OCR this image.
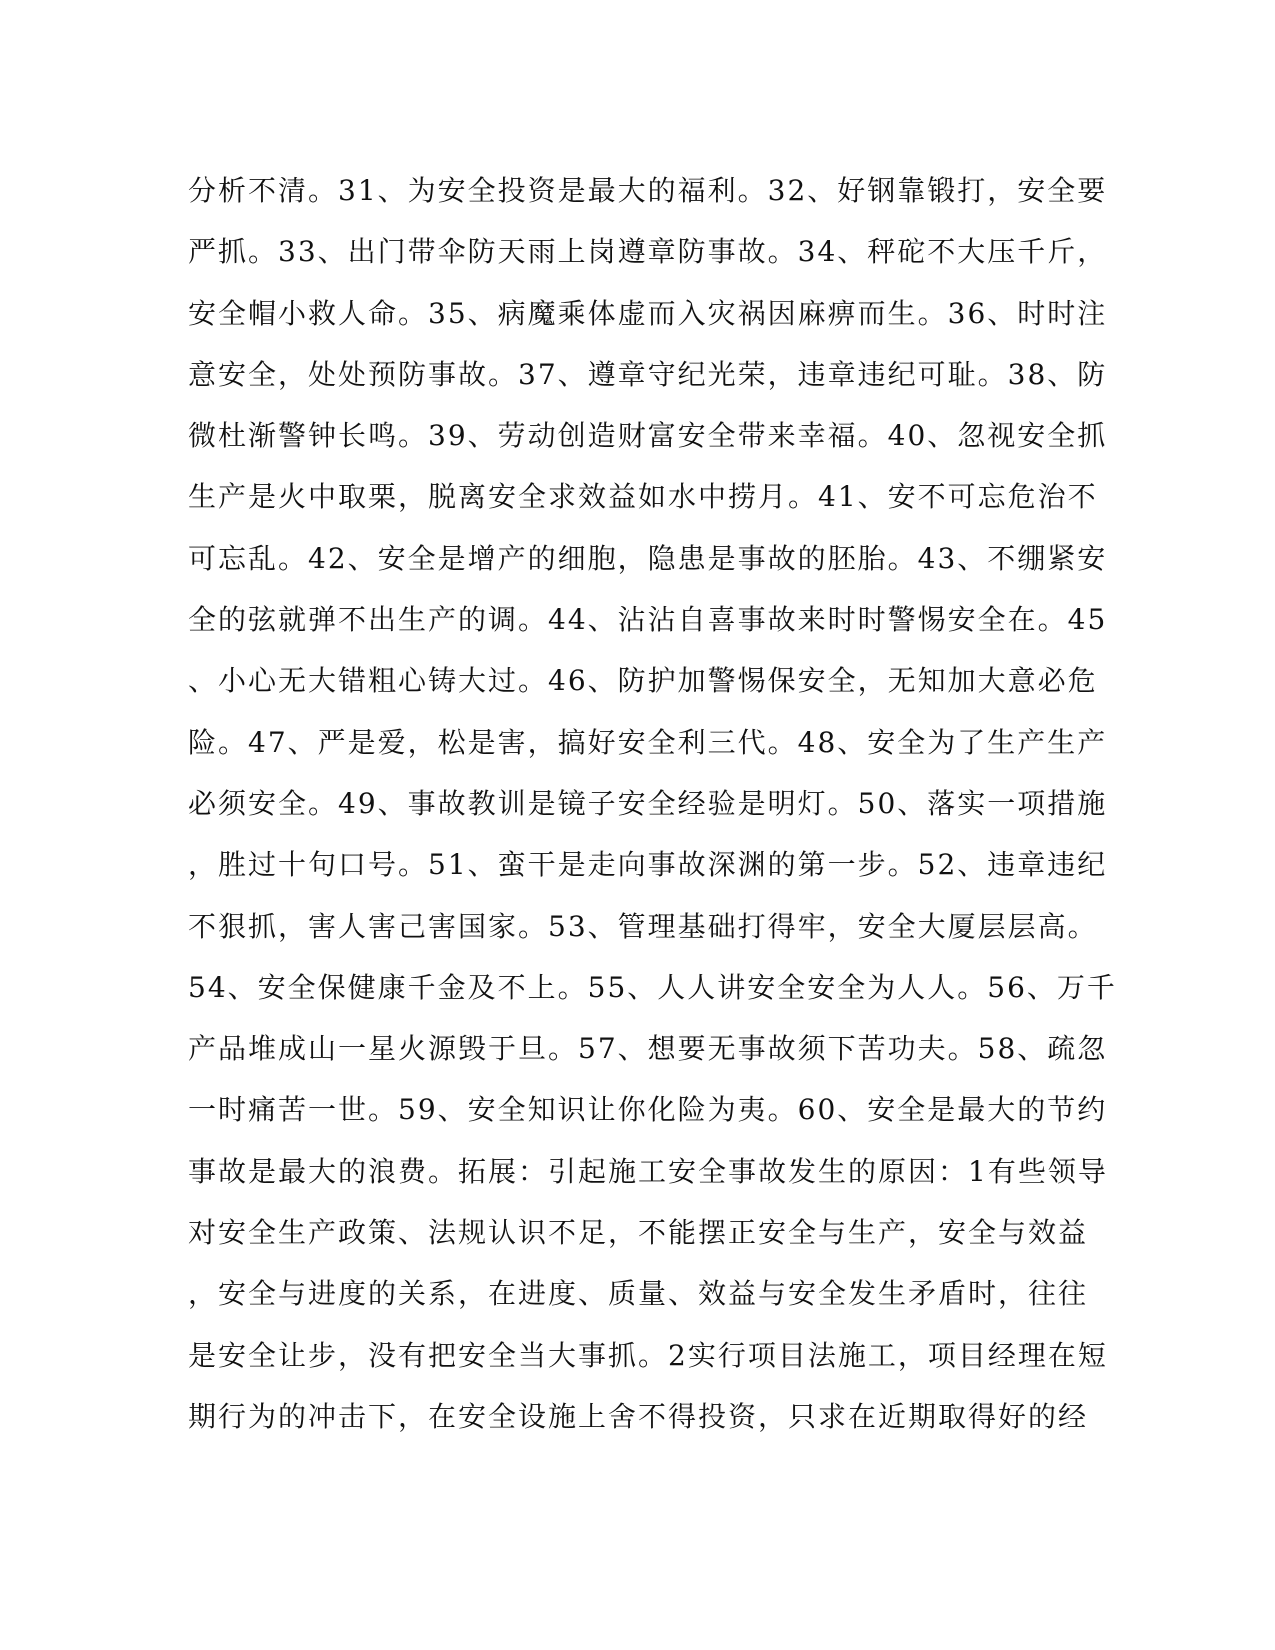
分析不清。31、为安全投资是最大的福利。32、好钢靠锻打，安全要
严抓。33、出门带伞防天雨上岗遵章防事故。34、秤砣不大压千斤，
安全帽小救人命。35、病魔乘体虚而入灾祸因麻痹而生。36、时时注
意安全，处处预防事故。37、遵章守纪光荣，违章违纪可耻。38、防
微杜渐警钟长鸣。39、劳动创造财富安全带来幸福。40、忽视安全抓
生产是火中取栗，脱离安全求效益如水中捞月。41、安不可忘危治不
可忘乱。42、安全是增产的细胞，隐患是事故的胚胎。43、不绷紧安
全的弦就弹不出生产的调。44、沾沾自喜事故来时时警惕安全在。45
、小心无大错粗心铸大过。46、防护加警惕保安全，无知加大意必危
险。47、严是爱，松是害，搞好安全利三代。48、安全为了生产生产
必须安全。49、事故教训是镜子安全经验是明灯。50、落实一项措施
，胜过十句口号。51、蛮干是走向事故深渊的第一步。52、违章违纪
不狠抓，害人害己害国家。53、管理基础打得牢，安全大厦层层高。
54、安全保健康千金及不上。55、人人讲安全安全为人人。56、万千
产品堆成山一星火源毁于旦。57、想要无事故须下苦功夫。58、疏忽
一时痛苦一世。59、安全知识让你化险为夷。60、安全是最大的节约
事故是最大的浪费。拓展：引起施工安全事故发生的原因：1有些领导
对安全生产政策、法规认识不足，不能摆正安全与生产，安全与效益
，安全与进度的关系，在进度、质量、效益与安全发生矛盾时，往往
是安全让步，没有把安全当大事抓。2实行项目法施工，项目经理在短
期行为的冲击下，在安全设施上舍不得投资，只求在近期取得好的经
